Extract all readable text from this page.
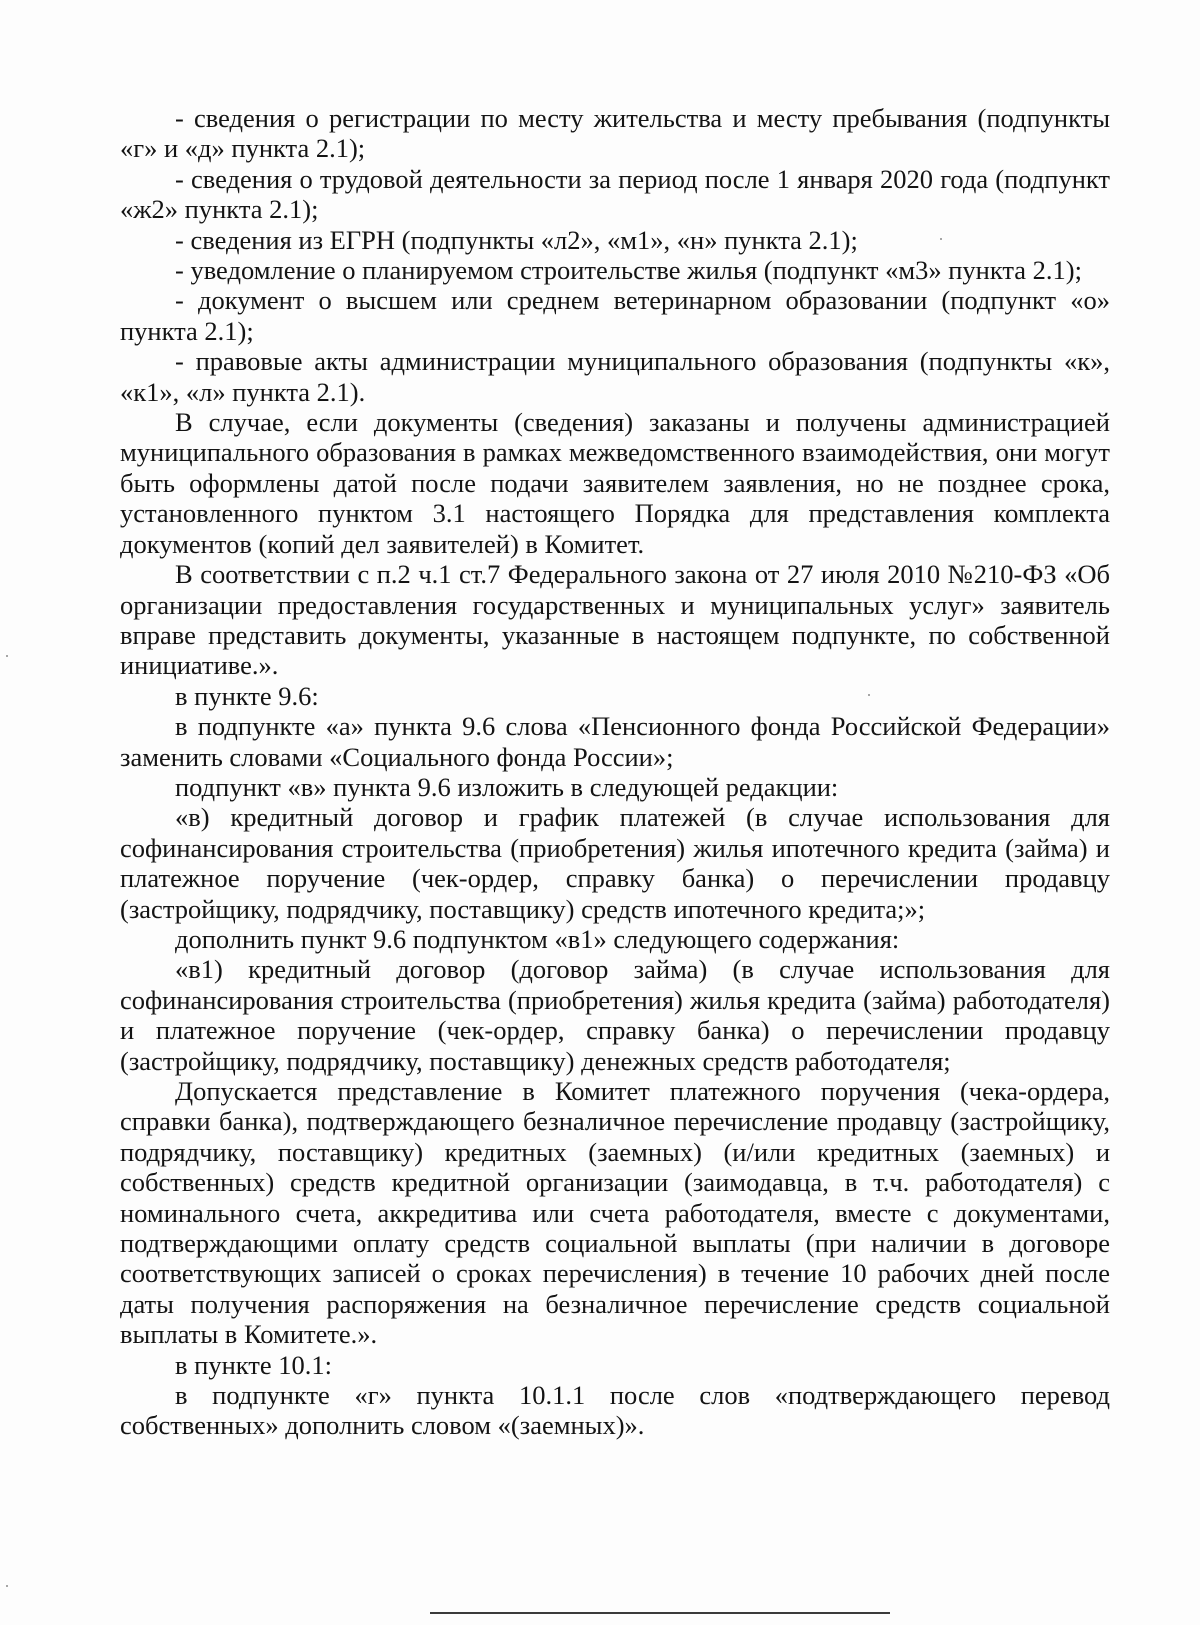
- сведения о регистрации по месту жительства и месту пребывания (подпункты «г» и «д» пункта 2.1);

- сведения о трудовой деятельности за период после 1 января 2020 года (подпункт «ж2» пункта 2.1);

- сведения из ЕГРН (подпункты «л2», «м1», «н» пункта 2.1);

- уведомление о планируемом строительстве жилья (подпункт «м3» пункта 2.1);

- документ о высшем или среднем ветеринарном образовании (подпункт «о» пункта 2.1);

- правовые акты администрации муниципального образования (подпункты «к», «к1», «л» пункта 2.1).

В случае, если документы (сведения) заказаны и получены администрацией муниципального образования в рамках межведомственного взаимодействия, они могут быть оформлены датой после подачи заявителем заявления, но не позднее срока, установленного пунктом 3.1 настоящего Порядка для представления комплекта документов (копий дел заявителей) в Комитет.

В соответствии с п.2 ч.1 ст.7 Федерального закона от 27 июля 2010 №210-ФЗ «Об организации предоставления государственных и муниципальных услуг» заявитель вправе представить документы, указанные в настоящем подпункте, по собственной инициативе.».

в пункте 9.6:

в подпункте «а» пункта 9.6 слова «Пенсионного фонда Российской Федерации» заменить словами «Социального фонда России»;

подпункт «в» пункта 9.6 изложить в следующей редакции:

«в) кредитный договор и график платежей (в случае использования для софинансирования строительства (приобретения) жилья ипотечного кредита (займа) и платежное поручение (чек-ордер, справку банка) о перечислении продавцу (застройщику, подрядчику, поставщику) средств ипотечного кредита;»;

дополнить пункт 9.6 подпунктом «в1» следующего содержания:

«в1) кредитный договор (договор займа) (в случае использования для софинансирования строительства (приобретения) жилья кредита (займа) работодателя) и платежное поручение (чек-ордер, справку банка) о перечислении продавцу (застройщику, подрядчику, поставщику) денежных средств работодателя;

Допускается представление в Комитет платежного поручения (чека-ордера, справки банка), подтверждающего безналичное перечисление продавцу (застройщику, подрядчику, поставщику) кредитных (заемных) (и/или кредитных (заемных) и собственных) средств кредитной организации (заимодавца, в т.ч. работодателя) с номинального счета, аккредитива или счета работодателя, вместе с документами, подтверждающими оплату средств социальной выплаты (при наличии в договоре соответствующих записей о сроках перечисления) в течение 10 рабочих дней после даты получения распоряжения на безналичное перечисление средств социальной выплаты в Комитете.».

в пункте 10.1:

в подпункте «г» пункта 10.1.1 после слов «подтверждающего перевод собственных» дополнить словом «(заемных)».
